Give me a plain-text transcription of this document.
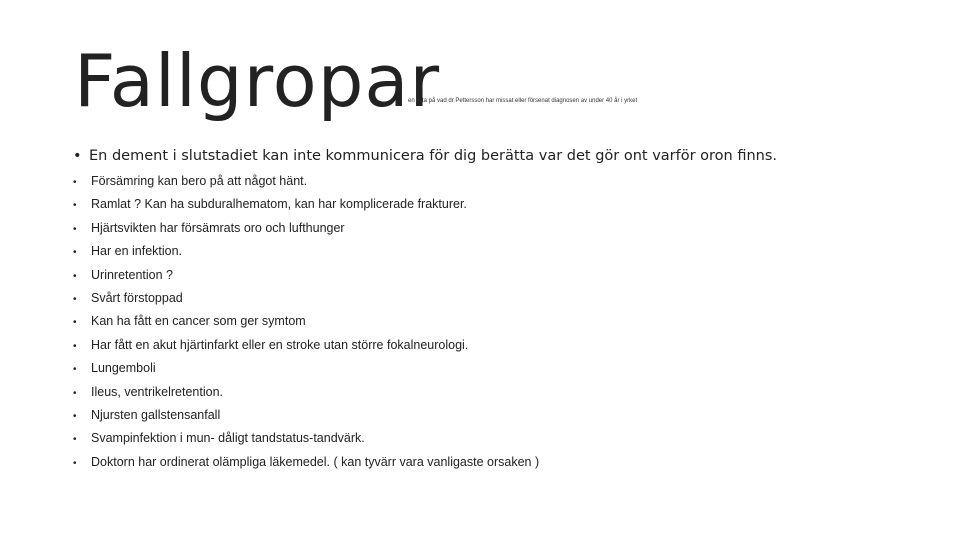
Fallgropar
en lista på vad dr Pettersson har missat eller försenat diagnosen av under 40 år i yrket
• En dement i slutstadiet kan inte kommunicera för dig berätta var det gör ont varför oron finns.
• Försämring kan bero på att något hänt.
• Ramlat ? Kan ha subduralhematom, kan har komplicerade frakturer.
• Hjärtsvikten har försämrats oro och lufthunger
• Har en infektion.
• Urinretention ?
• Svårt förstoppad
• Kan ha fått en cancer som ger symtom
• Har fått en akut hjärtinfarkt eller en stroke utan större fokalneurologi.
• Lungemboli
• Ileus, ventrikelretention.
• Njursten gallstensanfall
• Svampinfektion i mun- dåligt tandstatus-tandvärk.
• Doktorn har ordinerat olämpliga läkemedel. ( kan tyvärr vara vanligaste orsaken )
